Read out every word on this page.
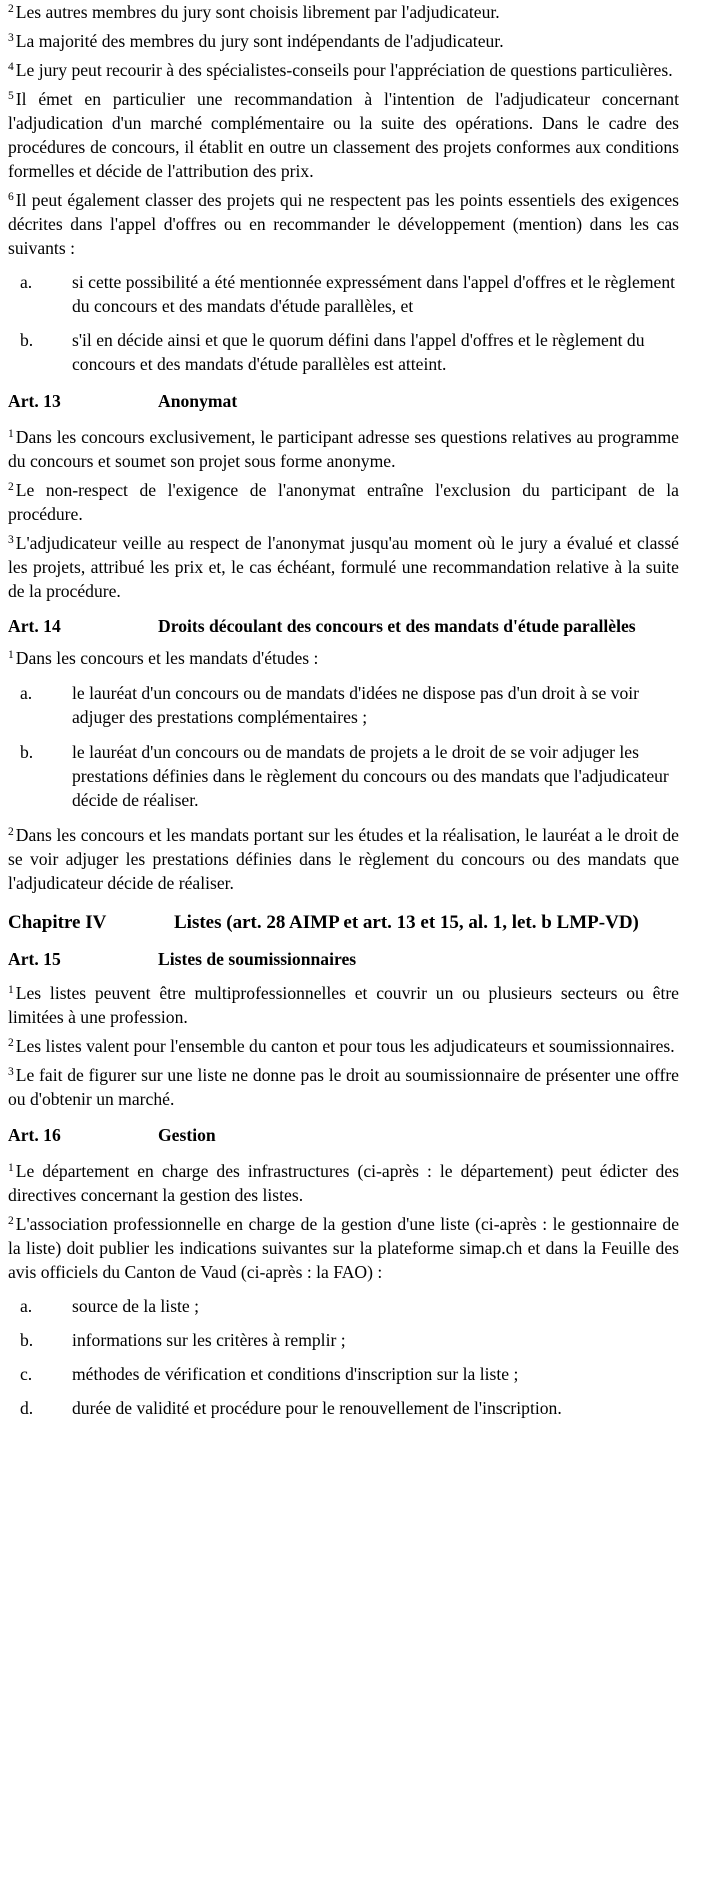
$^2$ Les autres membres du jury sont choisis librement par l'adjudicateur.

$^3$ La majorité des membres du jury sont indépendants de l'adjudicateur.

$^4$ Le jury peut recourir à des spécialistes-conseils pour l'appréciation de questions particulières.

$^5$ Il émet en particulier une recommandation à l'intention de l'adjudicateur concernant l'adjudication d'un marché complémentaire ou la suite des opérations. Dans le cadre des procédures de concours, il établit en outre un classement des projets conformes aux conditions formelles et décide de l'attribution des prix.

$^6$ Il peut également classer des projets qui ne respectent pas les points essentiels des exigences décrites dans l'appel d'offres ou en recommander le développement (mention) dans les cas suivants :

a.	si cette possibilité a été mentionnée expressément dans l'appel d'offres et le règlement du concours et des mandats d'étude parallèles, et
b.	s'il en décide ainsi et que le quorum défini dans l'appel d'offres et le règlement du concours et des mandats d'étude parallèles est atteint.
Art. 13	Anonymat

$^1$ Dans les concours exclusivement, le participant adresse ses questions relatives au programme du concours et soumet son projet sous forme anonyme.

$^2$ Le non-respect de l'exigence de l'anonymat entraîne l'exclusion du participant de la procédure.

$^3$ L'adjudicateur veille au respect de l'anonymat jusqu'au moment où le jury a évalué et classé les projets, attribué les prix et, le cas échéant, formulé une recommandation relative à la suite de la procédure.

Art. 14	Droits découlant des concours et des mandats d'étude parallèles

$^1$ Dans les concours et les mandats d'études :

a.	le lauréat d'un concours ou de mandats d'idées ne dispose pas d'un droit à se voir adjuger des prestations complémentaires ;
b.	le lauréat d'un concours ou de mandats de projets a le droit de se voir adjuger les prestations définies dans le règlement du concours ou des mandats que l'adjudicateur décide de réaliser.

$^2$ Dans les concours et les mandats portant sur les études et la réalisation, le lauréat a le droit de se voir adjuger les prestations définies dans le règlement du concours ou des mandats que l'adjudicateur décide de réaliser.

Chapitre IV	Listes (art. 28 AIMP et art. 13 et 15, al. 1, let. b LMP-VD)
Art. 15	Listes de soumissionnaires

$^1$ Les listes peuvent être multiprofessionnelles et couvrir un ou plusieurs secteurs ou être limitées à une profession.

$^2$ Les listes valent pour l'ensemble du canton et pour tous les adjudicateurs et soumissionnaires.

$^3$ Le fait de figurer sur une liste ne donne pas le droit au soumissionnaire de présenter une offre ou d'obtenir un marché.

Art. 16	Gestion

$^1$ Le département en charge des infrastructures (ci-après : le département) peut édicter des directives concernant la gestion des listes.

$^2$ L'association professionnelle en charge de la gestion d'une liste (ci-après : le gestionnaire de la liste) doit publier les indications suivantes sur la plateforme simap.ch et dans la Feuille des avis officiels du Canton de Vaud (ci-après : la FAO) :

a.	source de la liste ;
b.	informations sur les critères à remplir ;
c.	méthodes de vérification et conditions d'inscription sur la liste ;
d.	durée de validité et procédure pour le renouvellement de l'inscription.
